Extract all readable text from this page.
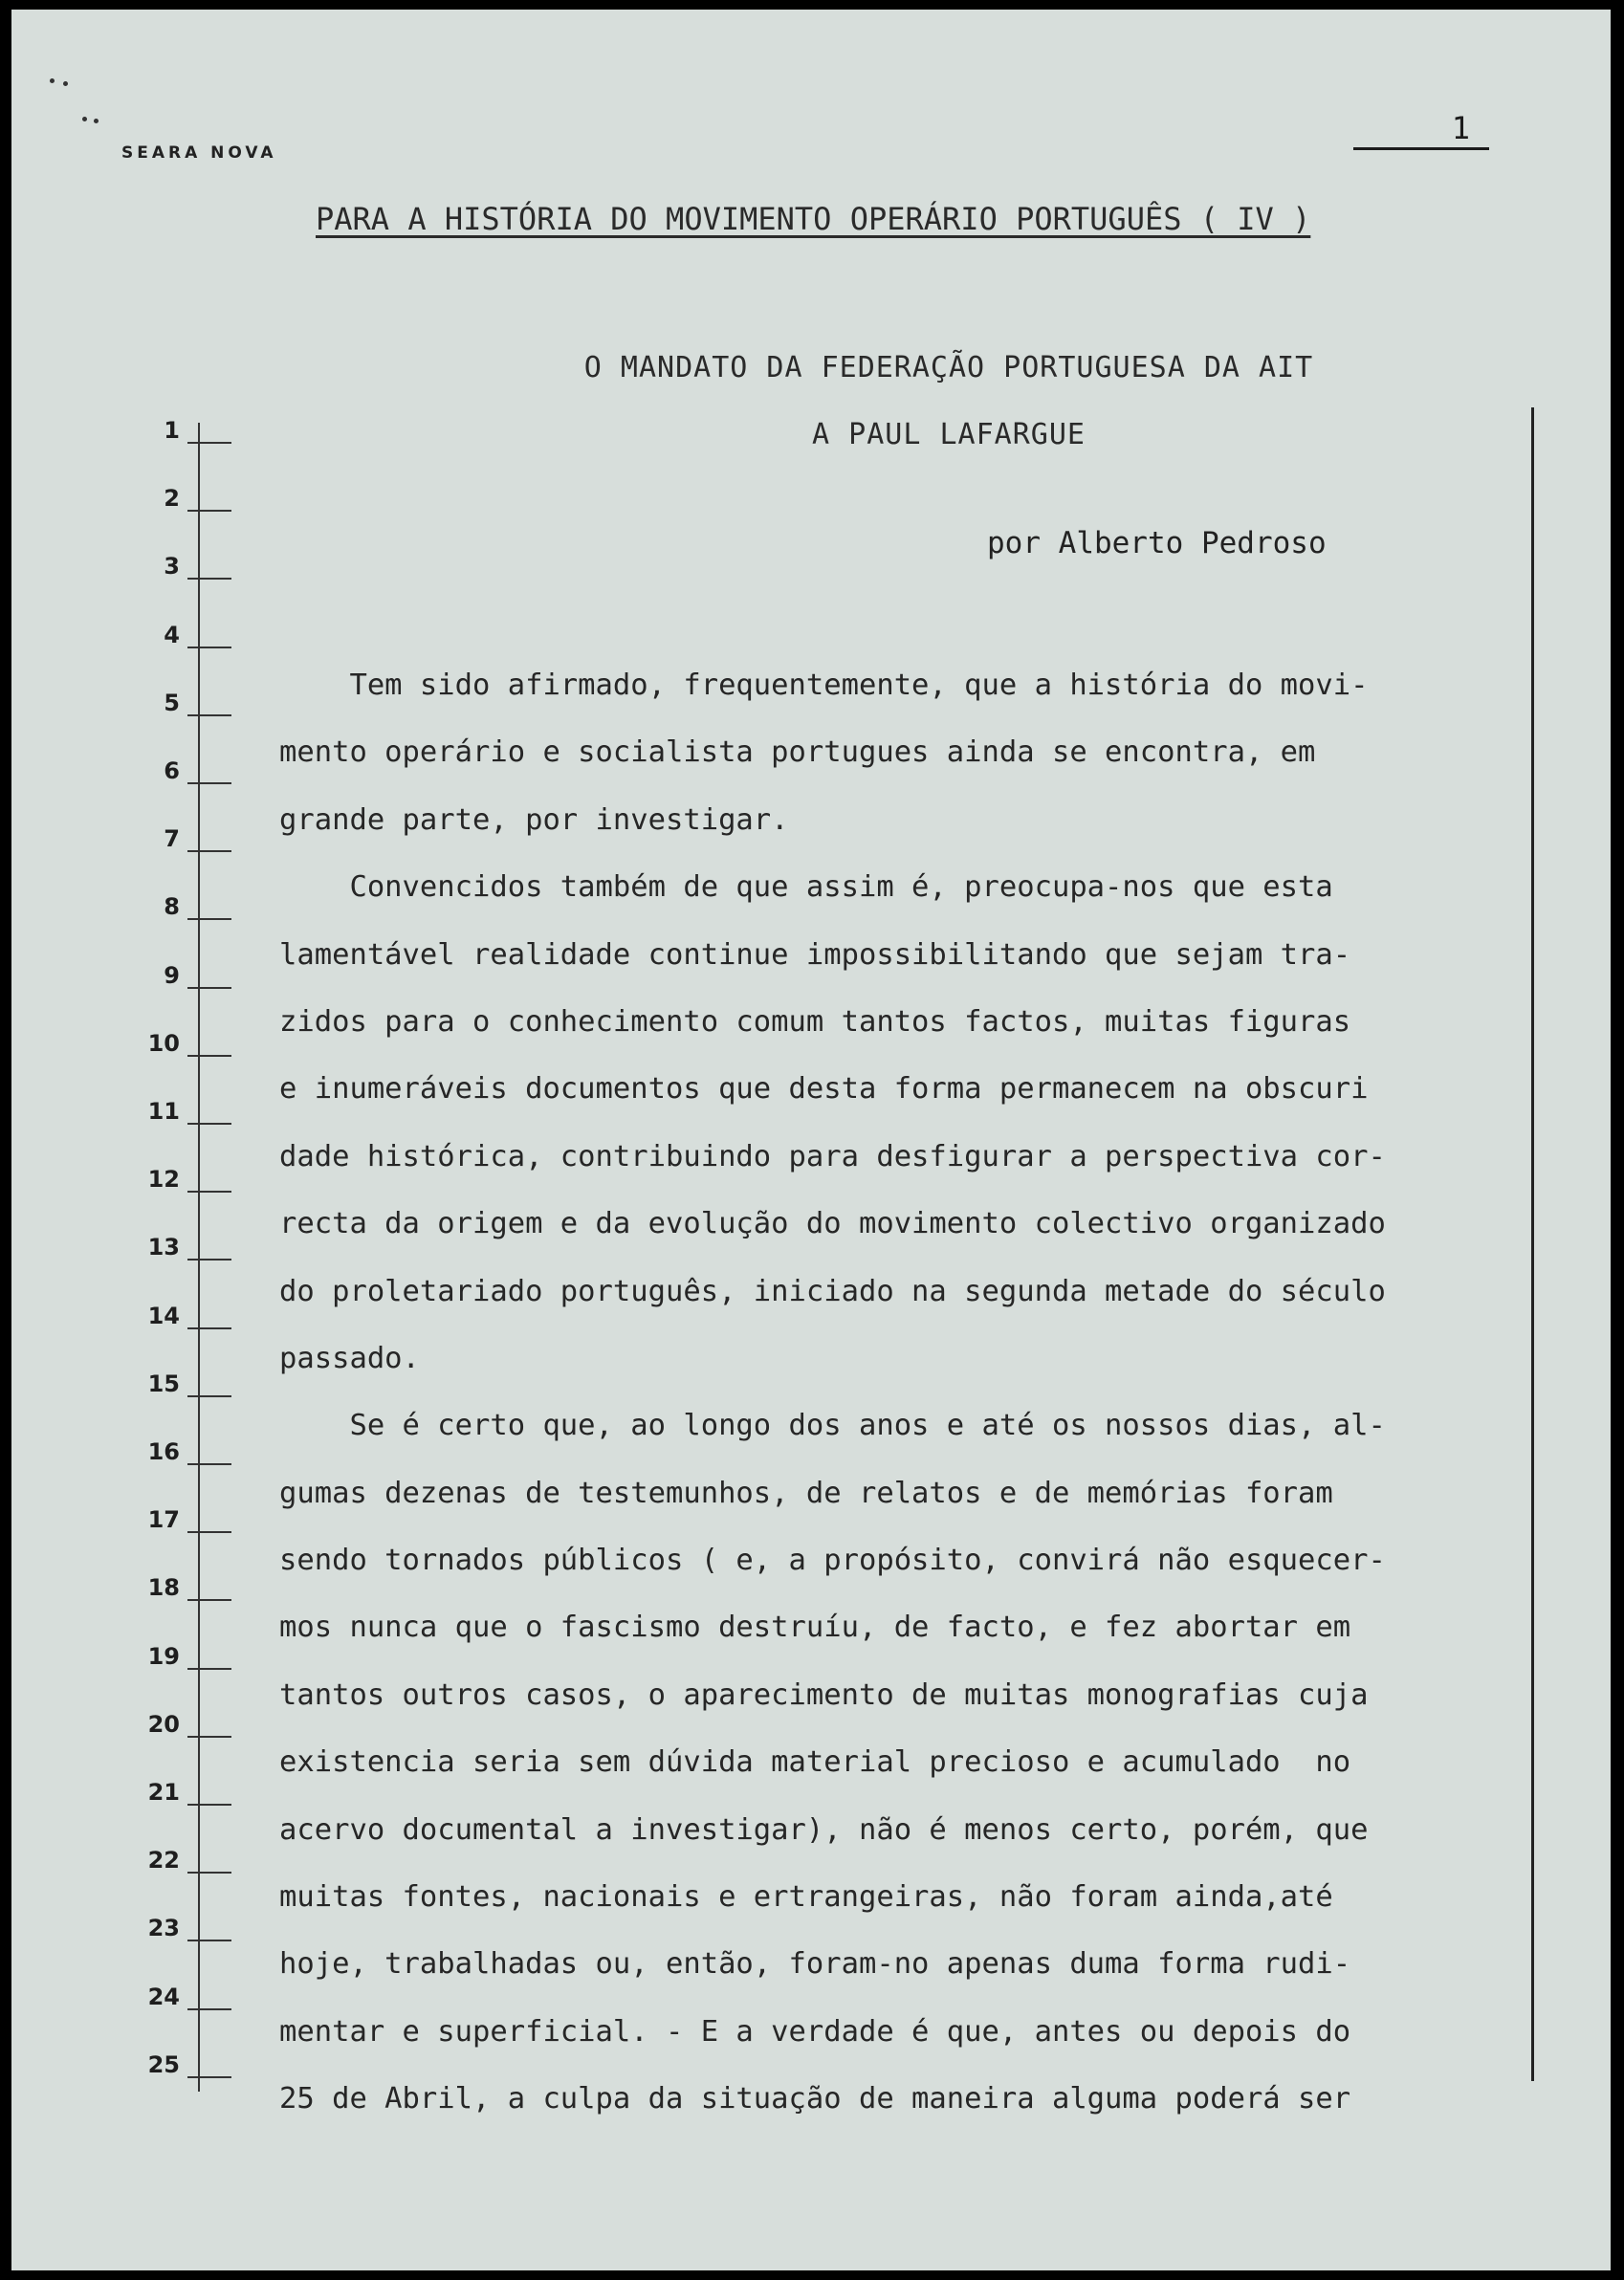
SEARA NOVA
1
PARA A HISTÓRIA DO MOVIMENTO OPERÁRIO PORTUGUÊS ( IV )
O MANDATO DA FEDERAÇÃO PORTUGUESA DA AIT
A PAUL LAFARGUE
por Alberto Pedroso
1
2
3
4
5
6
7
8
9
10
11
12
13
14
15
16
17
18
19
20
21
22
23
24
25
Tem sido afirmado, frequentemente, que a história do movi-
mento operário e socialista portugues ainda se encontra, em
grande parte, por investigar.
Convencidos também de que assim é, preocupa-nos que esta
lamentável realidade continue impossibilitando que sejam tra-
zidos para o conhecimento comum tantos factos, muitas figuras
e inumeráveis documentos que desta forma permanecem na obscuri
dade histórica, contribuindo para desfigurar a perspectiva cor-
recta da origem e da evolução do movimento colectivo organizado
do proletariado português, iniciado na segunda metade do século
passado.
Se é certo que, ao longo dos anos e até os nossos dias, al-
gumas dezenas de testemunhos, de relatos e de memórias foram
sendo tornados públicos ( e, a propósito, convirá não esquecer-
mos nunca que o fascismo destruíu, de facto, e fez abortar em
tantos outros casos, o aparecimento de muitas monografias cuja
existencia seria sem dúvida material precioso e acumulado  no
acervo documental a investigar), não é menos certo, porém, que
muitas fontes, nacionais e ertrangeiras, não foram ainda,até
hoje, trabalhadas ou, então, foram-no apenas duma forma rudi-
mentar e superficial. - E a verdade é que, antes ou depois do
25 de Abril, a culpa da situação de maneira alguma poderá ser
